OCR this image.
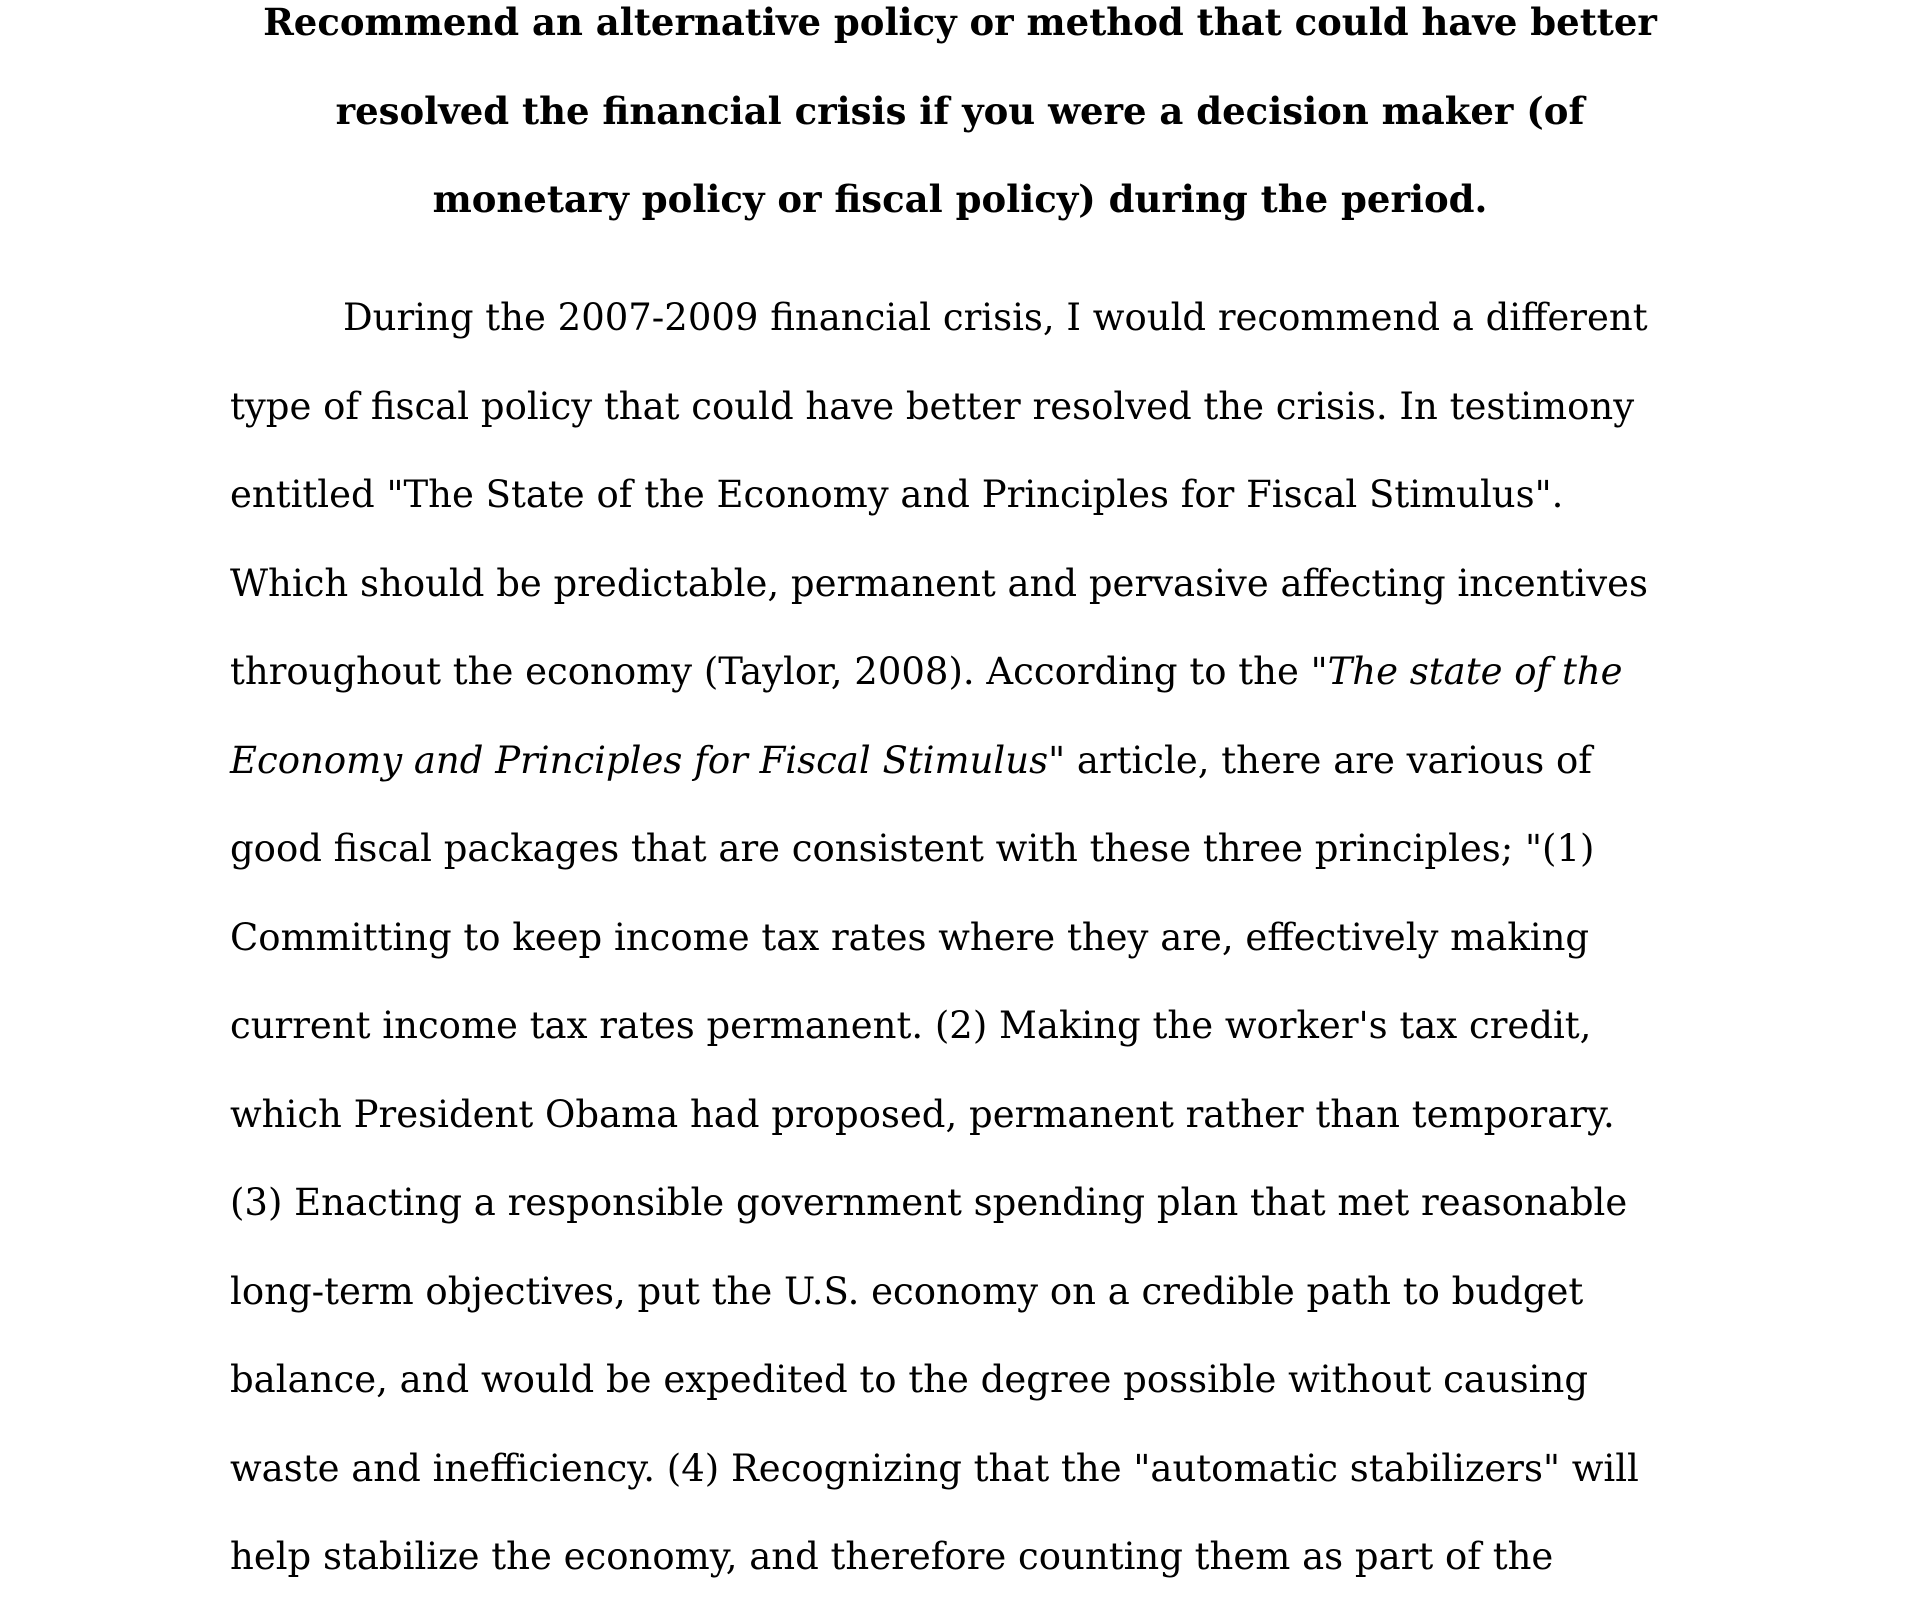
Recommend an alternative policy or method that could have better
resolved the financial crisis if you were a decision maker (of
monetary policy or fiscal policy) during the period.
During the 2007-2009 financial crisis, I would recommend a different
type of fiscal policy that could have better resolved the crisis. In testimony
entitled "The State of the Economy and Principles for Fiscal Stimulus".
Which should be predictable, permanent and pervasive affecting incentives
throughout the economy (Taylor, 2008). According to the "The state of the
Economy and Principles for Fiscal Stimulus" article, there are various of
good fiscal packages that are consistent with these three principles; "(1)
Committing to keep income tax rates where they are, effectively making
current income tax rates permanent. (2) Making the worker's tax credit,
which President Obama had proposed, permanent rather than temporary.
(3) Enacting a responsible government spending plan that met reasonable
long-term objectives, put the U.S. economy on a credible path to budget
balance, and would be expedited to the degree possible without causing
waste and inefficiency. (4) Recognizing that the "automatic stabilizers" will
help stabilize the economy, and therefore counting them as part of the
